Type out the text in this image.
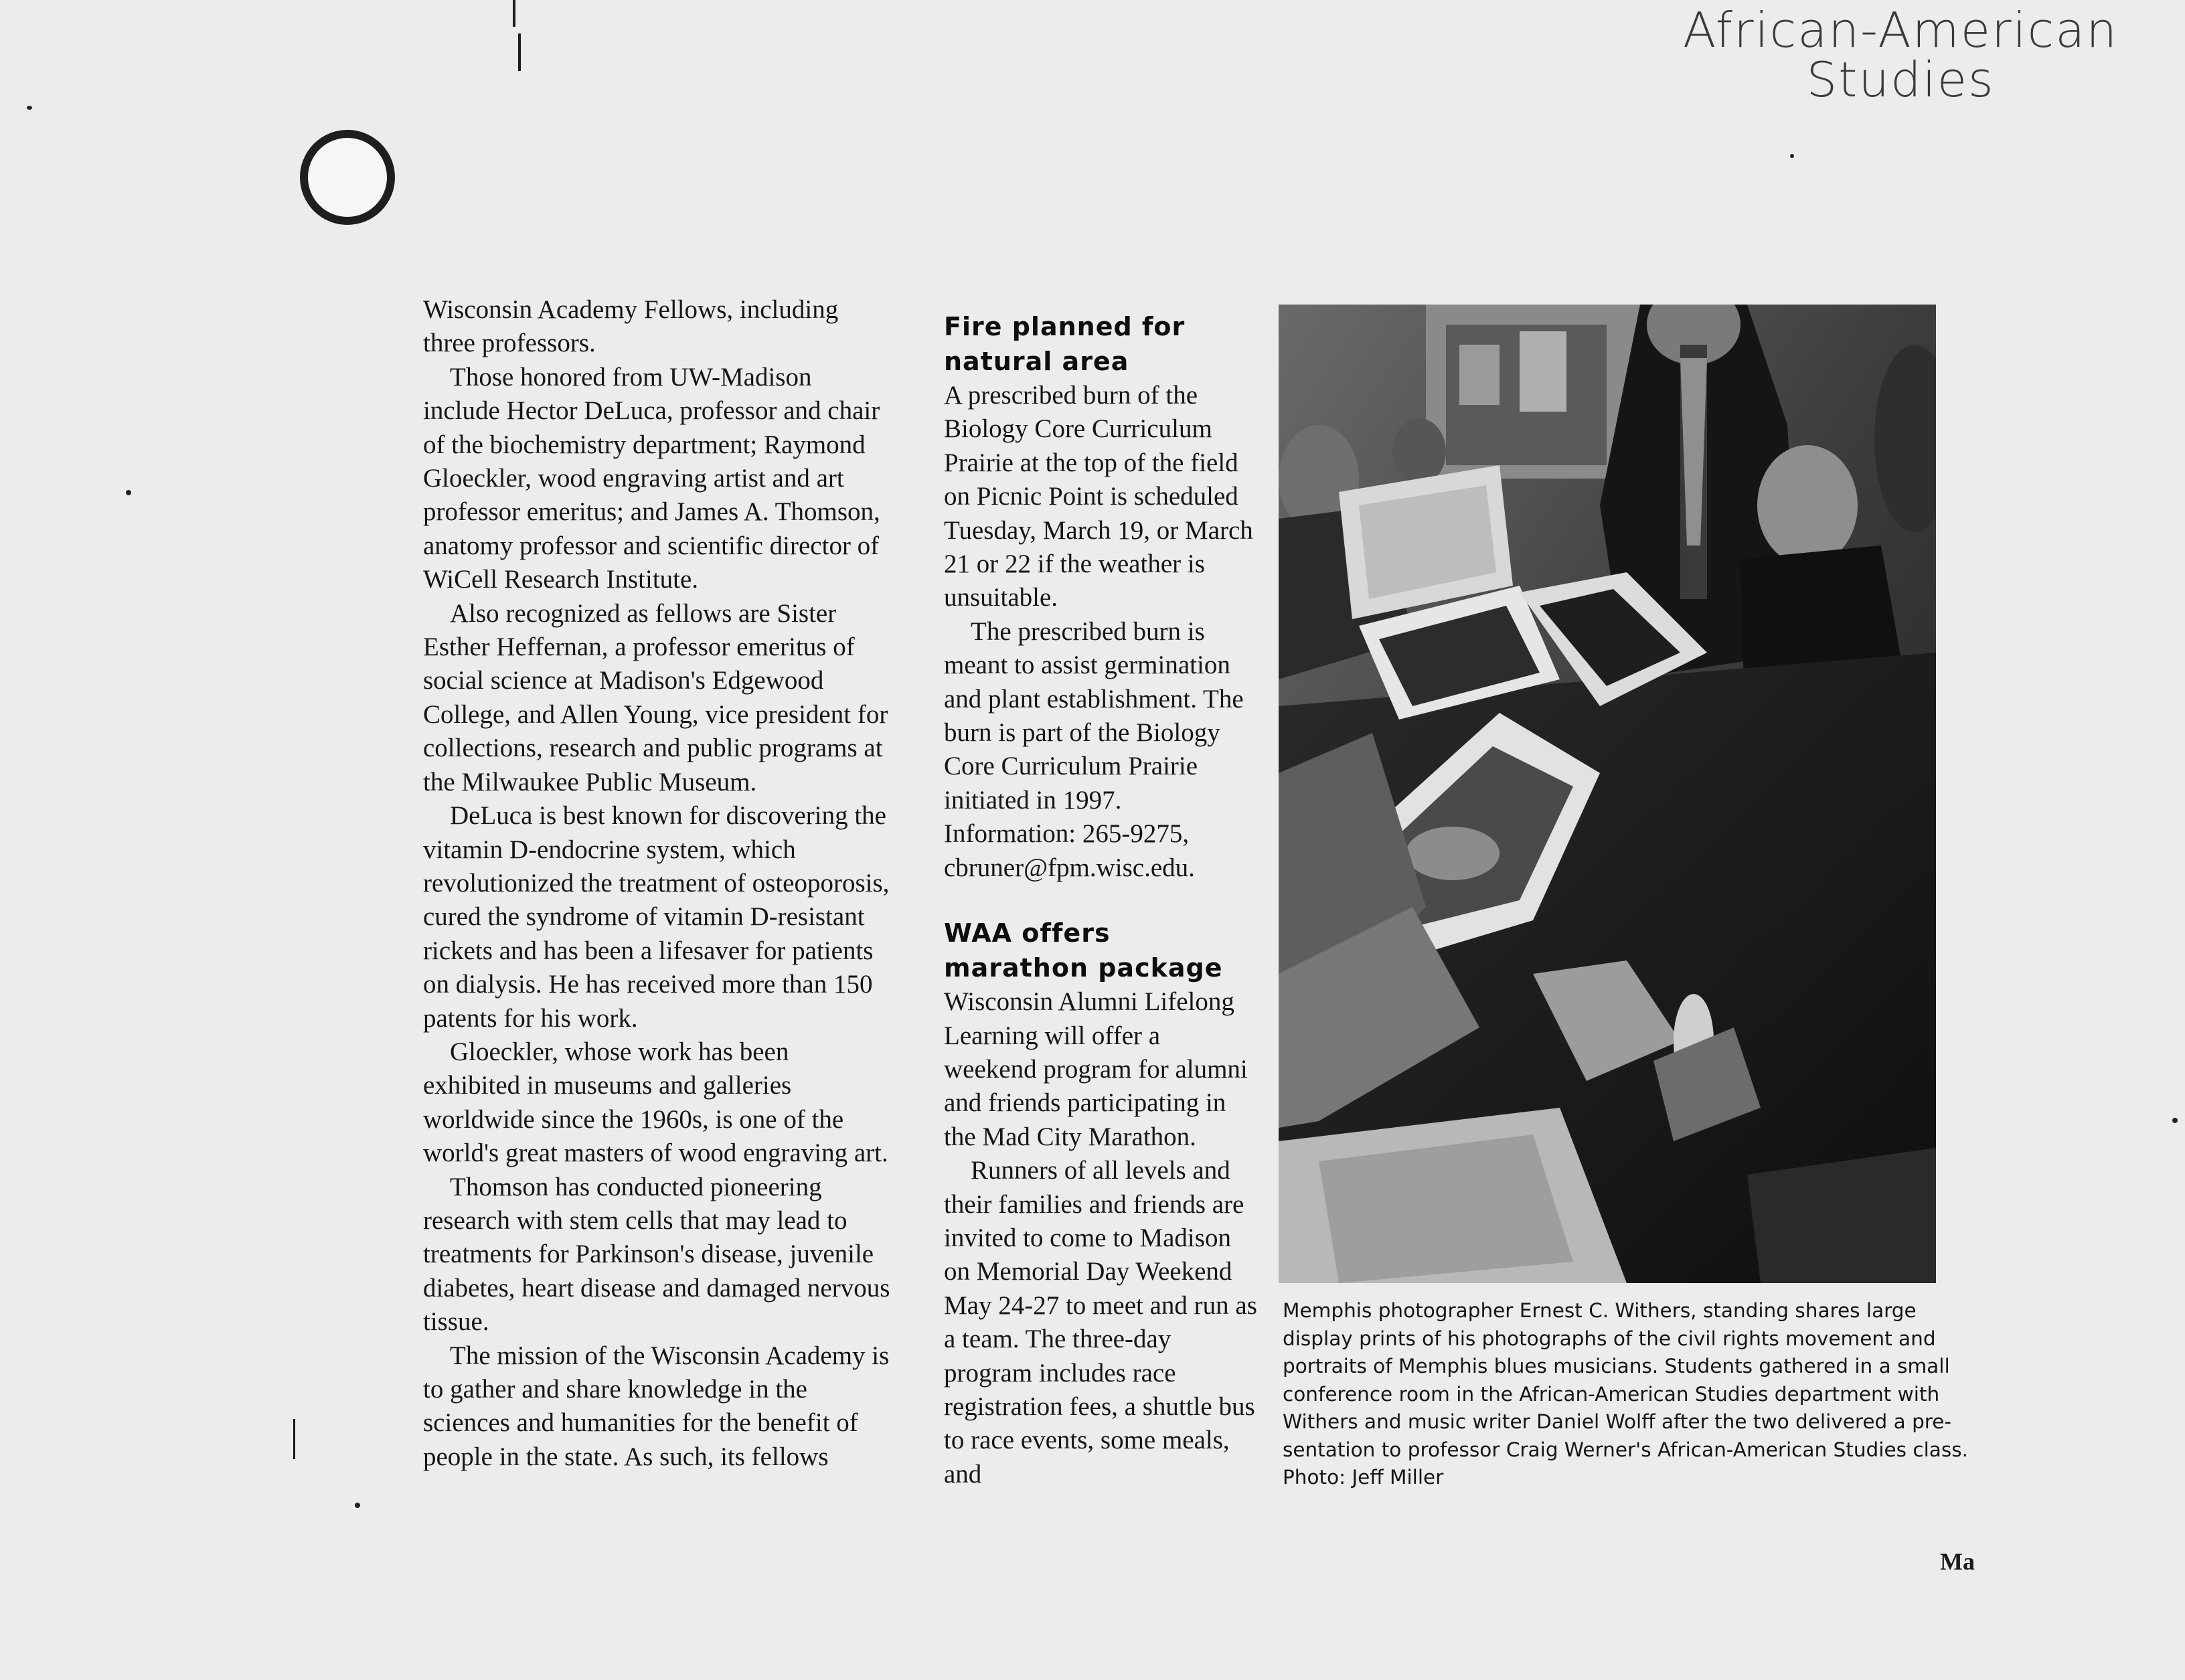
African-American
Studies

Wisconsin Academy Fellows, including three professors.

Those honored from UW-Madison include Hector DeLuca, professor and chair of the biochemistry department; Raymond Gloeckler, wood engraving artist and art professor emeritus; and James A. Thomson, anatomy professor and scientific director of WiCell Research Institute.

Also recognized as fellows are Sister Esther Heffernan, a professor emeritus of social science at Madison's Edgewood College, and Allen Young, vice president for collections, research and public programs at the Milwaukee Public Museum.

DeLuca is best known for discovering the vitamin D-endocrine system, which revolutionized the treatment of osteoporosis, cured the syndrome of vitamin D-resistant rickets and has been a lifesaver for patients on dialysis. He has received more than 150 patents for his work.

Gloeckler, whose work has been exhibited in museums and galleries worldwide since the 1960s, is one of the world's great masters of wood engraving art.

Thomson has conducted pioneering research with stem cells that may lead to treatments for Parkinson's disease, juvenile diabetes, heart disease and damaged nervous tissue.

The mission of the Wisconsin Academy is to gather and share knowledge in the sciences and humanities for the benefit of people in the state. As such, its fellows

Fire planned for natural area

A prescribed burn of the Biology Core Curriculum Prairie at the top of the field on Picnic Point is scheduled Tuesday, March 19, or March 21 or 22 if the weather is unsuitable.

The prescribed burn is meant to assist germination and plant establishment. The burn is part of the Biology Core Curriculum Prairie initiated in 1997. Information: 265-9275, cbruner@fpm.wisc.edu.

WAA offers marathon package

Wisconsin Alumni Lifelong Learning will offer a weekend program for alumni and friends participating in the Mad City Marathon.

Runners of all levels and their families and friends are invited to come to Madison on Memorial Day Weekend May 24-27 to meet and run as a team. The three-day program includes race registration fees, a shuttle bus to race events, some meals, and

Memphis photographer Ernest C. Withers, standing shares large
display prints of his photographs of the civil rights movement and
portraits of Memphis blues musicians. Students gathered in a small
conference room in the African-American Studies department with
Withers and music writer Daniel Wolff after the two delivered a pre-
sentation to professor Craig Werner's African-American Studies class.
Photo: Jeff Miller
Ma
